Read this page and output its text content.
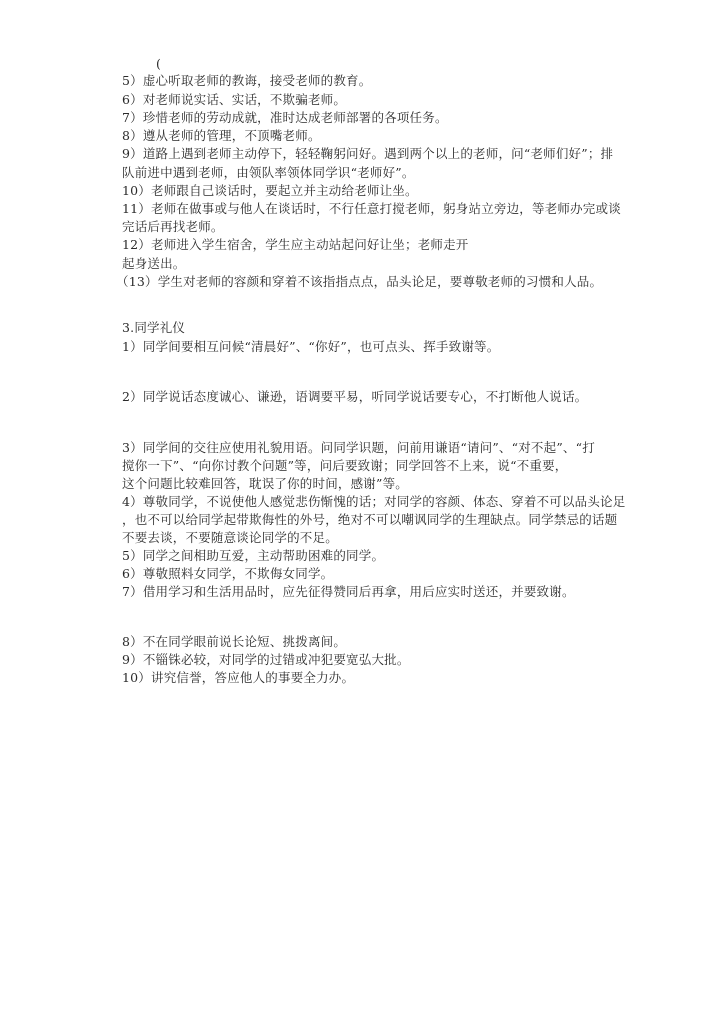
(
5）虚心听取老师的教诲，接受老师的教育。
6）对老师说实话、实话，不欺骗老师。
7）珍惜老师的劳动成就，准时达成老师部署的各项任务。
8）遵从老师的管理，不顶嘴老师。
9）道路上遇到老师主动停下，轻轻鞠躬问好。遇到两个以上的老师，问“老师们好”；排
队前进中遇到老师，由领队率领体同学识“老师好”。
10）老师跟自己谈话时，要起立并主动给老师让坐。
11）老师在做事或与他人在谈话时，不行任意打搅老师，躬身站立旁边，等老师办完或谈
完话后再找老师。
12）老师进入学生宿舍，学生应主动站起问好让坐；老师走开
起身送出。
（13）学生对老师的容颜和穿着不该指指点点，品头论足，要尊敬老师的习惯和人品。
3.同学礼仪
1）同学间要相互问候“清晨好”、“你好”，也可点头、挥手致谢等。
2）同学说话态度诚心、谦逊，语调要平易，听同学说话要专心，不打断他人说话。
3）同学间的交往应使用礼貌用语。问同学识题，问前用谦语“请问”、“对不起”、“打
搅你一下”、“向你讨教个问题”等，问后要致谢；同学回答不上来，说“不重要，
这个问题比较难回答，耽误了你的时间，感谢”等。
4）尊敬同学，不说使他人感觉悲伤惭愧的话；对同学的容颜、体态、穿着不可以品头论足
，也不可以给同学起带欺侮性的外号，绝对不可以嘲讽同学的生理缺点。同学禁忌的话题
不要去谈，不要随意谈论同学的不足。
5）同学之间相助互爱，主动帮助困难的同学。
6）尊敬照料女同学，不欺侮女同学。
7）借用学习和生活用品时，应先征得赞同后再拿，用后应实时送还，并要致谢。
8）不在同学眼前说长论短、挑拨离间。
9）不锱铢必较，对同学的过错或冲犯要宽弘大批。
10）讲究信誉，答应他人的事要全力办。
